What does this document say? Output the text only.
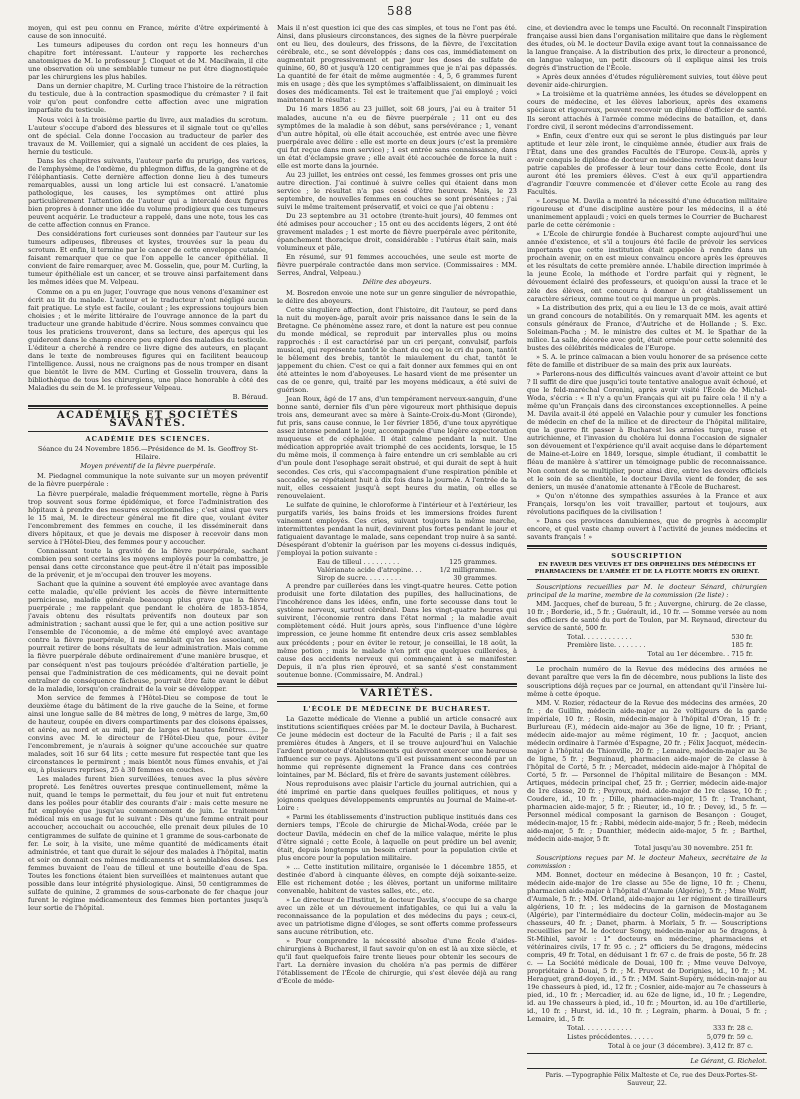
588

moyen, qui est peu connu en France, mérite d'être expérimenté à cause de son innocuité.

Les tumeurs adipeuses du cordon ont reçu les honneurs d'un chapitre fort intéressant. L'auteur y rapporte les recherches anatomiques de M. le professeur J. Cloquet et de M. Macilwain, il cite une observation où une semblable tumeur ne put être diagnostiquée par les chirurgiens les plus habiles.

Dans un dernier chapitre, M. Curling trace l'histoire de la rétraction du testicule, due à la contraction spasmodique du crémaster ? il fait voir qu'on peut confondre cette affection avec une migration imparfaite du testicule.

Nous voici à la troisième partie du livre, aux maladies du scrotum. L'auteur s'occupe d'abord des blessures et il signale tout ce qu'elles ont de spécial. Cela donne l'occasion au traducteur de parler des travaux de M. Voillemier, qui a signalé un accident de ces plaies, la hernie du testicule.

Dans les chapitres suivants, l'auteur parle du prurigo, des varices, de l'emphysème, de l'œdème, du phlegmon diffus, de la gangrène et de l'éléphantiasis. Cette dernière affection donne lieu à des tumeurs remarquables, aussi un long article lui est consacré. L'anatomie pathologique, les causes, les symptômes ont attiré plus particulièrement l'attention de l'auteur qui a intercalé deux figures bien propres à donner une idée du volume prodigieux que ces tumeurs peuvent acquérir. Le traducteur a rappelé, dans une note, tous les cas de cette affection connus en France.

Des considérations fort curieuses sont données par l'auteur sur les tumeurs adipeuses, fibreuses et kystes, trouvées sur la peau du scrotum. Et enfin, il termine par le cancer de cette enveloppe cutanée, faisant remarquer que ce que l'on appelle le cancer épithélial. Il convient de faire remarquer, avec M. Gosselin, que, pour M. Curling, la tumeur épithéliale est un cancer, et se trouve ainsi parfaitement dans les mêmes idées que M. Velpeau.

Comme on a pu en juger, l'ouvrage que nous venons d'examiner est écrit au lit du malade. L'auteur et le traducteur n'ont négligé aucun fait pratique. Le style est facile, coulant ; les expressions toujours bien choisies ; et le mérite littéraire de l'ouvrage annonce de la part du traducteur une grande habitude d'écrire. Nous sommes convaincu que tous les praticiens trouveront, dans sa lecture, des aperçus qui les guideront dans le champ encore peu exploré des maladies du testicule. L'éditeur a cherché à rendre ce livre digne des auteurs, en plaçant dans le texte de nombreuses figures qui en facilitent beaucoup l'intelligence. Aussi, nous ne craignons pas de nous tromper en disant que bientôt le livre de MM. Curling et Gosselin trouvera, dans la bibliothèque de tous les chirurgiens, une place honorable à côté des Maladies du sein de M. le professeur Velpeau.

B. Béraud.

ACADÉMIES ET SOCIÉTÉS SAVANTES.
ACADÉMIE DES SCIENCES.
Séance du 24 Novembre 1856.—Présidence de M. Is. Geoffroy St-Hilaire.
Moyen préventif de la fièvre puerpérale.

M. Piedagnel communique la note suivante sur un moyen préventif de la fièvre puerpérale :

La fièvre puerpérale, maladie fréquemment mortelle, règne à Paris trop souvent sous forme épidémique, et force l'administration des hôpitaux à prendre des mesures exceptionnelles ; c'est ainsi que vers le 15 mai, M. le directeur général me fit dire que, voulant éviter l'encombrement des femmes en couche, il les disséminerait dans divers hôpitaux, et que je devais me disposer à recevoir dans mon service à l'Hôtel-Dieu, des femmes pour y accoucher.

Connaissant toute la gravité de la fièvre puerpérale, sachant combien peu sont certains les moyens employés pour la combattre, je pensai dans cette circonstance que peut-être il n'était pas impossible de la prévenir, et je m'occupai den trouver les moyens.

Sachant que la quinine a souvent été employée avec avantage dans cette maladie, qu'elle prévient les accès de fièvre intermittente pernicieuse, maladie générale beaucoup plus grave que la fièvre puerpérale ; me rappelant que pendant le choléra de 1853-1854, j'avais obtenu des résultats préventifs non douteux par son administration ; sachant aussi que le fer, qui a une action positive sur l'ensemble de l'économie, a de même été employé avec avantage contre la fièvre puerpérale, il me semblait qu'en les associant, on pourrait retirer de bons résultats de leur administration. Mais comme la fièvre puerpérale débute ordinairement d'une manière brusque, et par conséquent n'est pas toujours précédée d'altération partielle, je pensai que l'administration de ces médicaments, qui ne devait point entraîner de conséquence fâcheuse, pourrait être faite avant le début de la maladie, lorsqu'on craindrait de la voir se développer.

Mon service de femmes à l'Hôtel-Dieu se compose de tout le deuxième étage du bâtiment de la rive gauche de la Seine, et forme ainsi une longue salle de 84 mètres de long, 9 mètres de large, 3m,60 de hauteur, coupée en divers compartiments par des cloisons épaisses, et aérée, au nord et au midi, par de larges et hautes fenêtres...... Je convins avec M. le directeur de l'Hôtel-Dieu que, pour éviter l'encombrement, je n'aurais à soigner qu'une accouchée sur quatre malades, soit 16 sur 64 lits ; cette mesure fut respectée tant que les circonstances le permirent ; mais bientôt nous fûmes envahis, et j'ai eu, à plusieurs reprises, 25 à 30 femmes en couches.

Les malades furent bien surveillées, tenues avec la plus sévère propreté. Les fenêtres ouvertes presque continuellement, même la nuit, quand le temps le permettait, du feu jour et nuit fut entretenu dans les poêles pour établir des courants d'air : mais cette mesure ne fut employée que jusqu'au commencement de juin. Le traitement médical mis en usage fut le suivant : Dès qu'une femme entrait pour accoucher, accouchait ou accouchée, elle prenait deux pilules de 10 centigrammes de sulfate de quinine et 1 gramme de sous-carbonate de fer. Le soir, à la visite, une même quantité de médicaments était administrée, et tant que durait le séjour des malades à l'hôpital, matin et soir on donnait ces mêmes médicaments et à semblables doses. Les femmes buvaient de l'eau de tilleul et une bouteille d'eau de Spa. Toutes les fonctions étaient bien surveillées et maintenues autant que possible dans leur intégrité physiologique. Ainsi, 50 centigrammes de sulfate de quinine, 2 grammes de sous-carbonate de fer chaque jour furent le régime médicamenteux des femmes bien portantes jusqu'à leur sortie de l'hôpital.

Mais il n'est question ici que des cas simples, et tous ne l'ont pas été. Ainsi, dans plusieurs circonstances, des signes de la fièvre puerpérale ont eu lieu, des douleurs, des frissons, de la fièvre, de l'excitation cérébrale, etc., se sont développés ; dans ces cas, immédiatement on augmentait progressivement et par jour les doses de sulfate de quinine, 60, 80 et jusqu'à 120 centigrammes que je n'ai pas dépassés. La quantité de fer était de même augmentée : 4, 5, 6 grammes furent mis en usage ; dès que les symptômes s'affaiblissaient, on diminuait les doses des médicaments. Tel est le traitement que j'ai employé ; voici maintenant le résultat :

Du 16 mars 1856 au 23 juillet, soit 68 jours, j'ai eu à traiter 51 malades, aucune n'a eu de fièvre puerpérale ; 11 ont eu des symptômes de la maladie à son début, sans persévérance ; 1, venant d'un autre hôpital, où elle était accouchée, est entrée avec une fièvre puerpérale avec délire : elle est morte en deux jours (c'est la première qui fut reçue dans mon service) ; 1 est entrée sans connaissance, dans un état d'éclampsie grave ; elle avait été accouchée de force la nuit : elle est morte dans la journée.

Au 23 juillet, les entrées ont cessé, les femmes grosses ont pris une autre direction. J'ai continué à suivre celles qui étaient dans mon service ; le résultat n'a pas cessé d'être heureux. Mais, le 23 septembre, de nouvelles femmes en couches se sont présentées ; j'ai suivi le même traitement préservatif, et voici ce que j'ai obtenu :

Du 23 septembre au 31 octobre (trente-huit jours), 40 femmes ont été admises pour accoucher ; 15 ont eu des accidents légers, 2 ont été gravement malades ; 1 est morte de fièvre puerpérale avec péritonite, épanchement thoracique droit, considérable : l'utérus était sain, mais volumineux et pâle,

En résumé, sur 91 femmes accouchées, une seule est morte de fièvre puerpérale contractée dans mon service. (Commissaires : MM. Serres, Andral, Velpeau.)

Délire des aboyeurs.

M. Bosredon envoie une note sur un genre singulier de névropathie, le délire des aboyeurs.

Cette singulière affection, dont l'histoire, dit l'auteur, se perd dans la nuit du moyen-âge, paraît avoir pris naissance dans le sein de la Bretagne. Ce phénomène assez rare, et dont la nature est peu connue du monde médical, se reproduit par intervalles plus ou moins rapprochés : il est caractérisé par un cri perçant, convulsif, parfois musical, qui représente tantôt le chant du coq ou le cri du paon, tantôt le bêlement des brebis, tantôt le miaulement du chat, tantôt le jappement du chien. C'est ce qui a fait donner aux femmes qui en ont été atteintes le nom d'aboyeuses. Le hasard vient de me présenter un cas de ce genre, qui, traité par les moyens médicaux, a été suivi de guérison.

Jean Roux, âgé de 17 ans, d'un tempérament nerveux-sanguin, d'une bonne santé, dernier fils d'un père vigoureux mort phthisique depuis trois ans, demeurant avec sa mère à Sainte-Croix-du-Mont (Gironde), fut pris, sans cause connue, le 1er février 1856, d'une toux apyrétique assez intense pendant le jour, accompagnée d'une légère expectoration muqueuse et de céphalée. Il était calme pendant la nuit. Une médication appropriée avait triomphé de ces accidents, lorsque, le 15 du même mois, il commença à faire entendre un cri semblable au cri d'un poule dont l'esophage serait obstrué, et qui durait de sept à huit secondes. Ces cris, qui s'accompagnaient d'une respiration pénible et saccadée, se répétaient huit à dix fois dans la journée. A l'entrée de la nuit, elles cessaient jusqu'à sept heures du matin, où elles se renouvelaient.

Le sulfate de quinine, le chloroforme à l'intérieur et à l'extérieur, les purgatifs variés, les bains froids et les immersions froides furent vainement employés. Ces cries, suivant toujours la même marche, intermittentes pendant la nuit, devinrent plus fortes pendant le jour et fatiguaient davantage le malade, sans cependant trop nuire à sa santé. Désespérant d'obtenir la guérison par les moyens ci-dessus indiqués, j'employai la potion suivante :

Eau de tilleul . . . . . . . . .	125 grammes.
Valérianate acide d'atropine. . .	1/2 milligramme.
Sirop de sucre. . . . . . . . .	30 grammes.

A prendre par cuillerées dans les vingt-quatre heures. Cette potion produisit une forte dilatation des pupilles, des hallucinations, de l'incohérence dans les idées, enfin, une forte secousse dans tout le système nerveux, surtout cérébral. Dans les vingt-quatre heures qui suivirent, l'économie rentra dans l'état normal ; la maladie avait complètement cédé. Huit jours après, sous l'influence d'une légère impression, ce jeune homme fit entendre deux cris assez semblables aux précédents ; pour en éviter le retour, je conseillai, le 18 août, la même potion ; mais le malade n'en prit que quelques cuillerées, à cause des accidents nerveux qui commençaient à se manifester. Depuis, il n'a plus rien éprouvé, et sa santé s'est constamment soutenue bonne. (Commissaire, M. Andral.)

VARIÉTÉS.
L'ÉCOLE DE MÉDECINE DE BUCHAREST.

La Gazette médicale de Vienne a publié un article consacré aux institutions scientifiques créées par M. le docteur Davila, à Bucharest. Ce jeune médecin est docteur de la Faculté de Paris ; il a fait ses premières études à Angers, et il se trouve aujourd'hui en Valachie l'ardent promoteur d'établissements qui devront exercer une heureuse influence sur ce pays. Ajoutons qu'il est puissamment secondé par un homme qui représente dignement la France dans ces contrées lointaines, par M. Béclard, fils et frère de savants justement célèbres.

Nous reproduisons avec plaisir l'article du journal autrichien, qui a été imprimé en partie dans quelques feuilles politiques, et nous y joignons quelques développements empruntés au Journal de Maine-et-Loire :

« Parmi les établissements d'instruction publique institués dans ces derniers temps, l'École de chirurgie de Michal-Woda, créée par le docteur Davila, médecin en chef de la milice valaque, mérite le plus d'être signalé ; cette École, à laquelle on peut prédire un bel avenir, était, depuis longtemps un besoin criant pour la population civile et plus encore pour la population militaire.

» ... Cette institution militaire, organisée le 1 décembre 1855, et destinée d'abord à cinquante élèves, en compte déjà soixante-seize. Elle est richement dotée ; les élèves, portant un uniforme militaire convenable, habitent de vastes salles, etc., etc.

» Le directeur de l'Institut, le docteur Davila, s'occupe de sa charge avec un zèle et un dévouement infatigables, ce qui lui a valu la reconnaissance de la population et des médecins du pays ; ceux-ci, avec un patriotisme digne d'éloges, se sont offerts comme professeurs sans aucune rétribution, etc.

» Pour comprendre la nécessité absolue d'une École d'aides-chirurgiens à Bucharest, il faut savoir qu'on en est là au xixe siècle, et qu'il faut quelquefois faire trente lieues pour obtenir les secours de l'art. La dernière invasion du choléra n'a pas permis de différer l'établissement de l'École de chirurgie, qui s'est élevée déjà au rang d'École de méde-

cine, et deviendra avec le temps une Faculté. On reconnaît l'inspiration française aussi bien dans l'organisation militaire que dans le règlement des études, où M. le docteur Davila exige avant tout la connaissance de la langue française. A la distribution des prix, le directeur a prononcé, en langue valaque, un petit discours où il explique ainsi les trois degrés d'instruction de l'École.

» Après deux années d'études régulièrement suivies, tout élève peut devenir aide-chirurgien.

» La troisième et la quatrième années, les études se développent en cours de médecine, et les élèves laborieux, après des examens spéciaux et rigoureux, peuvent recevoir un diplôme d'officier de santé. Ils seront attachés à l'armée comme médecins de bataillon, et, dans l'ordre civil, il seront médecins d'arrondissement.

» Enfin, ceux d'entre eux qui se seront le plus distingués par leur aptitude et leur zèle iront, le cinquième année, étudier aux frais de l'État, dans une des grandes Facultés de l'Europe. Ceux-là, après y avoir conquis le diplôme de docteur en médecine reviendront dans leur patrie capables de professer à leur tour dans cette École, dont ils auront été les premiers élèves. C'est à eux qu'il appartiendra d'agrandir l'œuvre commencée et d'élever cette École au rang des Facultés.

» Lorsque M. Davila a montré la nécessité d'une éducation militaire rigoureuse et d'une discipline austère pour les médecins, il a été unanimement applaudi ; voici en quels termes le Courrier de Bucharest parle de cette cérémonie :

« L'École de chirurgie fondée à Bucharest compte aujourd'hui une année d'existence, et s'il a toujours été facile de prévoir les services importants que cette institution était appelée à rendre dans un prochain avenir, on en est mieux convaincu encore après les épreuves et les résultats de cette première année. L'habile direction imprimée à la jeune École, la méthode et l'ordre parfait qui y règnent, le dévouement éclairé des professeurs, et quoiqu'on aussi la trace et le zèle des élèves, ont concouru à donner à cet établissement un caractère sérieux, comme tout ce qui marque un progrès.

» La distribution des prix, qui a eu lieu le 13 de ce mois, avait attiré un grand concours de notabilités. On y remarquait MM. les agents et consuls généraux de France, d'Autriche et de Hollande ; S. Exc. Soleiman-Pacha ; M. le ministre des cultes et M. le Spathar de la milice. La salle, décorée avec goût, était ornée pour cette solennité des bustes des célébrités médicales de l'Europe.

» S. A. le prince caïmacan a bien voulu honorer de sa présence cette fête de famille et distribuer de sa main des prix aux lauréats.

» Parlerons-nous des difficultés vaincues avant d'avoir atteint ce but ? Il suffit de dire que jusqu'ici toute tentative analogue avait échoué, et que le feld-maréchal Coronini, après avoir visité l'École de Michal-Woda, s'écria : « Il n'y a qu'un Français qui ait pu faire cela ! il n'y a même qu'un Français dans des circonstances exceptionnelles. A peine M. Davila avait-il été appelé en Valachie pour y cumuler les fonctions de médecin en chef de la milice et de directeur de l'hôpital militaire, que la guerre fit passer à Bucharest les armées turque, russe et autrichienne, et l'invasion du choléra lui donna l'occasion de signaler son dévouement et l'expérience qu'il avait acquise dans le département de Maine-et-Loire en 1849, lorsque, simple étudiant, il combattit le fléau de manière à s'attirer un témoignage public de reconnaissance. Non content de se multiplier, pour ainsi dire, entre les devoirs officiels et le soin de sa clientèle, le docteur Davila vient de fonder, de ses deniers, un musée d'anatomie attenante à l'École de Bucharest.

» Qu'on n'étonne des sympathies assurées à la France et aux Français, lorsqu'on les voit travailler, partout et toujours, aux révolutions pacifiques de la civilisation !

» Dans ces provinces danubiennes, que de progrès à accomplir encore, et quel vaste champ ouvert à l'activité de jeunes médecins et savants français ! »

SOUSCRIPTION
EN FAVEUR DES VEUVES ET DES ORPHELINS DES MÉDECINS ET PHARMACIENS DE L'ARMÉE ET DE LA FLOTTE MORTS EN ORIENT.

Souscriptions recueillies par M. le docteur Sénard, chirurgien principal de la marine, membre de la commission (2e liste) :

MM. Jacques, chef de bureau, 5 fr. ; Auvergne, chirurg. de 2e classe, 10 fr. ; Borderie, id., 5 fr. ; Guérault, id., 10 fr. — Somme versée au nom des officiers de santé du port de Toulon, par M. Reynaud, directeur du service de santé, 500 fr.

Total. . . . . . . . . . . .	530 fr.
Première liste. . . . . . . .	185 fr.
Total au 1er décembre. . 715 fr.

Le prochain numéro de la Revue des médecins des armées ne devant paraître que vers la fin de décembre, nous publions la liste des souscriptions déjà reçues par ce journal, en attendant qu'il l'insère lui-même à cette époque.

MM. V. Rozier, rédacteur de la Revue des médecins des armées, 20 fr. ; de Guillin, médecin aide-major au 2e voltigeurs de la garde impériale, 10 fr. ; Rosin, médecin-major à l'hôpital d'Oran, 15 fr. ; Burlureau (F.), médecin aide-major au 36e de ligne, 10 fr. ; Priant, médecin aide-major au même régiment, 10 fr. ; Jacquot, ancien médecin ordinaire à l'armée d'Espagne, 20 fr. ; Félix Jacquot, médecin-major à l'hôpital de Thionville, 20 fr. ; Lemaire, médecin-major au 3e de ligne, 5 fr. ; Beguinaud, pharmacien aide-major de 2e classe à l'hôpital de Corté, 5 fr. ; Mercadet, médecin aide-major à l'hôpital de Corté, 5 fr. — Personnel de l'hôpital militaire de Besançon : MM. Artiques, médecin principal chef, 25 fr. ; Gerrier, médecin aide-major de 1re classe, 20 fr. ; Peyroux, méd. aide-major de 1re classe, 10 fr. ; Coudere, id., 10 fr. ; Dille, pharmacien-major, 15 fr. ; Tranchant, pharmacien aide-major, 5 fr. ; Rieuter, id., 10 fr. ; Devey, id., 5 fr. — Personnel médical composant la garnison de Besançon : Gouget, médecin-major, 15 fr. ; Rabbi, médecin aide-major, 5 fr. ; Reeb, médecin aide-major, 5 fr. ; Duanthier, médecin aide-major, 5 fr. ; Barthel, médecin aide-major, 5 fr.

Total jusqu'au 30 novembre. 251 fr.

Souscriptions reçues par M. le docteur Maheux, secrétaire de la commission :

MM. Bonnet, docteur en médecine à Besançon, 10 fr. ; Castel, médecin aide-major de 1re classe au 55e de ligne, 10 fr. ; Chenu, pharmacien aide-major à l'hôpital d'Aumale (Algérie), 5 fr. ; Mme Wolff, d'Aumale, 5 fr. ; MM. Orland, aide-major au 1er régiment de tirailleurs algériens, 10 fr. ; les médecins de la garnison de Mostaganem (Algérie), par l'intermédiaire du docteur Colin, médecin-major au 3e chasseurs, 40 fr. ; Danet, pharm. à Morlaix, 5 fr. — Souscriptions recueillies par M. le docteur Songy, médecin-major au 5e dragons, à St-Mihiel, savoir : 1° docteurs en médecine, pharmaciens et vétérinaires civils, 17 fr. 95 c. ; 2° officiers du 5e dragons, médecins compris, 49 fr. Total, en déduisant 1 fr. 67 c. de frais de poste, 56 fr. 28 c. — La Société médicale de Douai, 100 fr. ; Mme veuve Delvoye, propriétaire à Douai, 5 fr. ; M. Pruvost de Dorignies, id., 10 fr. ; M. Heraguet, grand-doyen, id., 5 fr. ; MM. Saint-Supéry, médecin-major au 19e chasseurs à pied, id., 12 fr. ; Cosnier, aide-major au 7e chasseurs à pied, id., 10 fr. ; Mercadier, id. au 62e de ligne, id., 10 fr. ; Legendre, id. au 19e chasseurs à pied, id., 10 fr. ; Mourton, id. au 10e d'artillerie, id., 10 fr. ; Hurst, id. id., 10 fr. ; Legrain, pharm. à Douai, 5 fr. ; Lemaire, id., 5 fr.

Total. . . . . . . . . . . .	333 fr. 28 c.
Listes précédentes. . . . . .	5,079 fr. 59 c.
Total à ce jour (3 décembre). 3,412 fr. 87 c.

Le Gérant, G. Richelot.

Paris. —Typographie Félix Malteste et Ce, rue des Deux-Portes-St-Sauveur, 22.
